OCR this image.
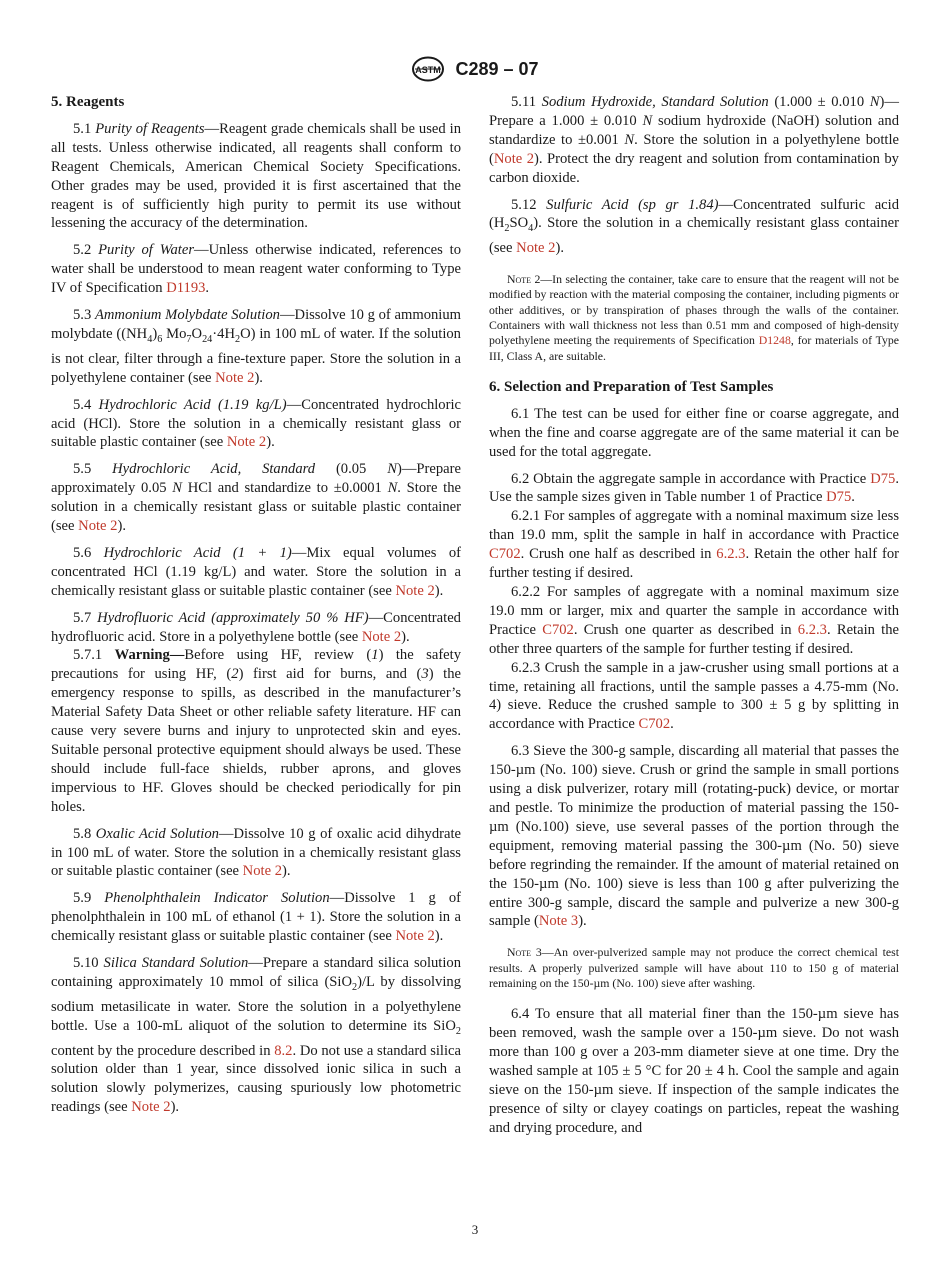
ASTM C289 – 07
5. Reagents

5.1 Purity of Reagents—Reagent grade chemicals shall be used in all tests. Unless otherwise indicated, all reagents shall conform to Reagent Chemicals, American Chemical Society Specifications. Other grades may be used, provided it is first ascertained that the reagent is of sufficiently high purity to permit its use without lessening the accuracy of the determination.

5.2 Purity of Water—Unless otherwise indicated, references to water shall be understood to mean reagent water conforming to Type IV of Specification D1193.

5.3 Ammonium Molybdate Solution—Dissolve 10 g of ammonium molybdate ($(NH_4)_6$ $Mo_7O_{24}\cdot 4H_2O$) in 100 mL of water. If the solution is not clear, filter through a fine-texture paper. Store the solution in a polyethylene container (see Note 2).

5.4 Hydrochloric Acid (1.19 kg/L)—Concentrated hydrochloric acid (HCl). Store the solution in a chemically resistant glass or suitable plastic container (see Note 2).

5.5 Hydrochloric Acid, Standard (0.05 N)—Prepare approximately 0.05 N HCl and standardize to ±0.0001 N. Store the solution in a chemically resistant glass or suitable plastic container (see Note 2).

5.6 Hydrochloric Acid (1 + 1)—Mix equal volumes of concentrated HCl (1.19 kg/L) and water. Store the solution in a chemically resistant glass or suitable plastic container (see Note 2).

5.7 Hydrofluoric Acid (approximately 50 % HF)—Concentrated hydrofluoric acid. Store in a polyethylene bottle (see Note 2).

5.7.1 Warning—Before using HF, review (1) the safety precautions for using HF, (2) first aid for burns, and (3) the emergency response to spills, as described in the manufacturer’s Material Safety Data Sheet or other reliable safety literature. HF can cause very severe burns and injury to unprotected skin and eyes. Suitable personal protective equipment should always be used. These should include full-face shields, rubber aprons, and gloves impervious to HF. Gloves should be checked periodically for pin holes.

5.8 Oxalic Acid Solution—Dissolve 10 g of oxalic acid dihydrate in 100 mL of water. Store the solution in a chemically resistant glass or suitable plastic container (see Note 2).

5.9 Phenolphthalein Indicator Solution—Dissolve 1 g of phenolphthalein in 100 mL of ethanol (1 + 1). Store the solution in a chemically resistant glass or suitable plastic container (see Note 2).

5.10 Silica Standard Solution—Prepare a standard silica solution containing approximately 10 mmol of silica (SiO$_2$)/L by dissolving sodium metasilicate in water. Store the solution in a polyethylene bottle. Use a 100-mL aliquot of the solution to determine its SiO$_2$ content by the procedure described in 8.2. Do not use a standard silica solution older than 1 year, since dissolved ionic silica in such a solution slowly polymerizes, causing spuriously low photometric readings (see Note 2).

5.11 Sodium Hydroxide, Standard Solution (1.000 ± 0.010 N)—Prepare a 1.000 ± 0.010 N sodium hydroxide (NaOH) solution and standardize to ±0.001 N. Store the solution in a polyethylene bottle (Note 2). Protect the dry reagent and solution from contamination by carbon dioxide.

5.12 Sulfuric Acid (sp gr 1.84)—Concentrated sulfuric acid $(H_2SO_4)$. Store the solution in a chemically resistant glass container (see Note 2).

Note 2—In selecting the container, take care to ensure that the reagent will not be modified by reaction with the material composing the container, including pigments or other additives, or by transpiration of phases through the walls of the container. Containers with wall thickness not less than 0.51 mm and composed of high-density polyethylene meeting the requirements of Specification D1248, for materials of Type III, Class A, are suitable.
6. Selection and Preparation of Test Samples

6.1 The test can be used for either fine or coarse aggregate, and when the fine and coarse aggregate are of the same material it can be used for the total aggregate.

6.2 Obtain the aggregate sample in accordance with Practice D75. Use the sample sizes given in Table number 1 of Practice D75.

6.2.1 For samples of aggregate with a nominal maximum size less than 19.0 mm, split the sample in half in accordance with Practice C702. Crush one half as described in 6.2.3. Retain the other half for further testing if desired.

6.2.2 For samples of aggregate with a nominal maximum size 19.0 mm or larger, mix and quarter the sample in accordance with Practice C702. Crush one quarter as described in 6.2.3. Retain the other three quarters of the sample for further testing if desired.

6.2.3 Crush the sample in a jaw-crusher using small portions at a time, retaining all fractions, until the sample passes a 4.75-mm (No. 4) sieve. Reduce the crushed sample to 300 ± 5 g by splitting in accordance with Practice C702.

6.3 Sieve the 300-g sample, discarding all material that passes the 150-µm (No. 100) sieve. Crush or grind the sample in small portions using a disk pulverizer, rotary mill (rotating-puck) device, or mortar and pestle. To minimize the production of material passing the 150-µm (No.100) sieve, use several passes of the portion through the equipment, removing material passing the 300-µm (No. 50) sieve before regrinding the remainder. If the amount of material retained on the 150-µm (No. 100) sieve is less than 100 g after pulverizing the entire 300-g sample, discard the sample and pulverize a new 300-g sample (Note 3).

Note 3—An over-pulverized sample may not produce the correct chemical test results. A properly pulverized sample will have about 110 to 150 g of material remaining on the 150-µm (No. 100) sieve after washing.

6.4 To ensure that all material finer than the 150-µm sieve has been removed, wash the sample over a 150-µm sieve. Do not wash more than 100 g over a 203-mm diameter sieve at one time. Dry the washed sample at 105 ± 5 °C for 20 ± 4 h. Cool the sample and again sieve on the 150-µm sieve. If inspection of the sample indicates the presence of silty or clayey coatings on particles, repeat the washing and drying procedure, and

3
